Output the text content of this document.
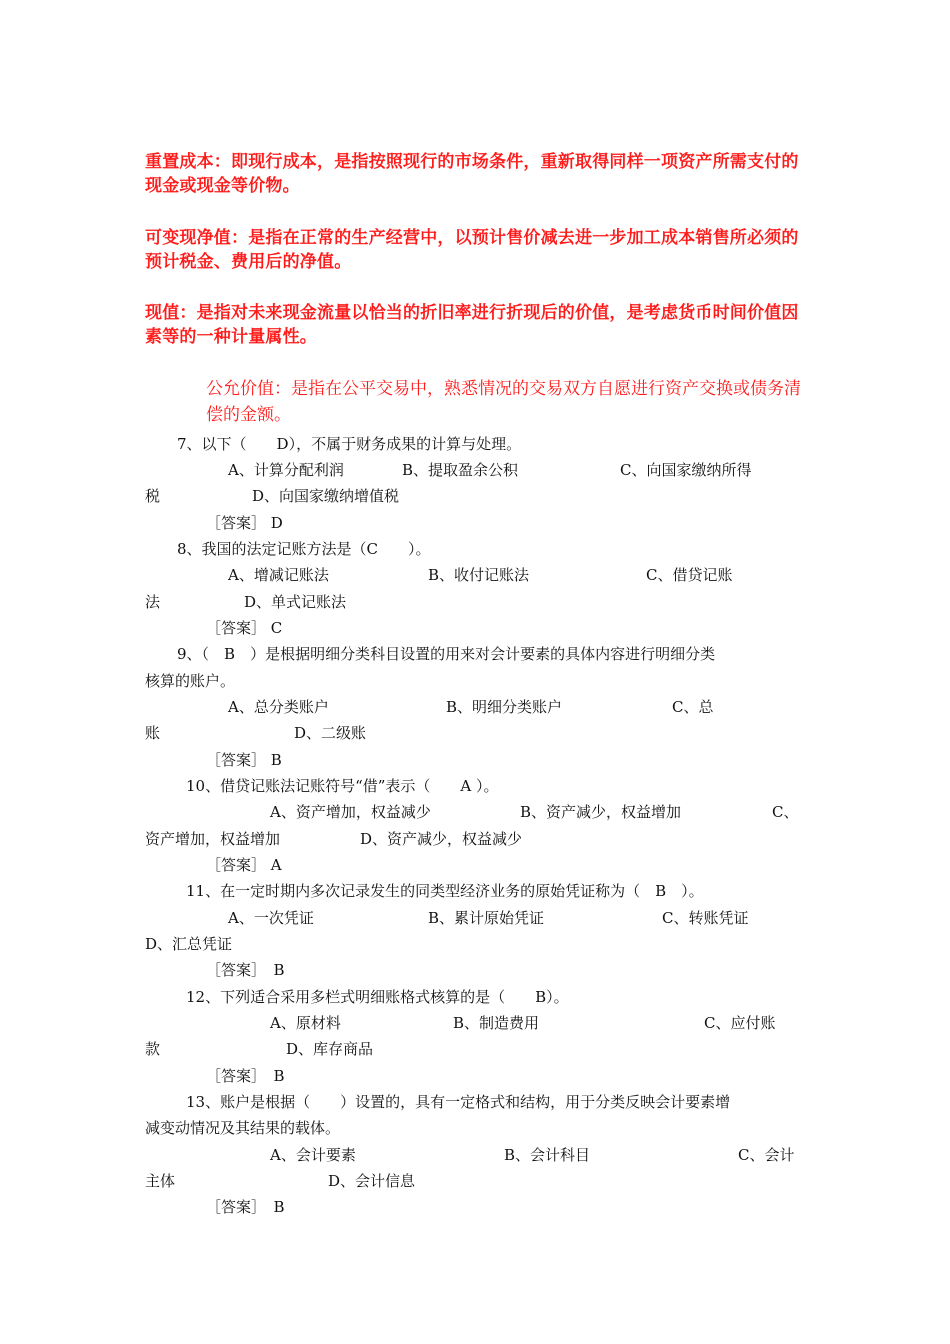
重置成本：即现行成本，是指按照现行的市场条件，重新取得同样一项资产所需支付的现金或现金等价物。
可变现净值：是指在正常的生产经营中，以预计售价减去进一步加工成本销售所必须的预计税金、费用后的净值。
现值：是指对未来现金流量以恰当的折旧率进行折现后的价值，是考虑货币时间价值因素等的一种计量属性。
公允价值：是指在公平交易中，熟悉情况的交易双方自愿进行资产交换或债务清偿的金额。
7、以下（　　D），不属于财务成果的计算与处理。
A、计算分配利润	B、提取盈余公积	C、向国家缴纳所得
税	D、向国家缴纳增值税
［答案］ D
8、我国的法定记账方法是（C　　）。
A、增减记账法	B、收付记账法	C、借贷记账
法	D、单式记账法
［答案］ C
9、（　B　）是根据明细分类科目设置的用来对会计要素的具体内容进行明细分类
核算的账户。
A、总分类账户	B、明细分类账户	C、总
账	D、二级账
［答案］ B
10、借贷记账法记账符号“借”表示（　　A ）。
A、资产增加，权益减少	B、资产减少，权益增加	C、
资产增加，权益增加	D、资产减少，权益减少
［答案］ A
11、在一定时期内多次记录发生的同类型经济业务的原始凭证称为（　B　）。
A、一次凭证	B、累计原始凭证	C、转账凭证
D、汇总凭证
［答案］　B
12、下列适合采用多栏式明细账格式核算的是（　　B）。
A、原材料	B、制造费用	C、应付账
款	D、库存商品
［答案］　B
13、账户是根据（　　）设置的，具有一定格式和结构，用于分类反映会计要素增
减变动情况及其结果的载体。
A、会计要素	B、会计科目	C、会计
主体	D、会计信息
［答案］　B
